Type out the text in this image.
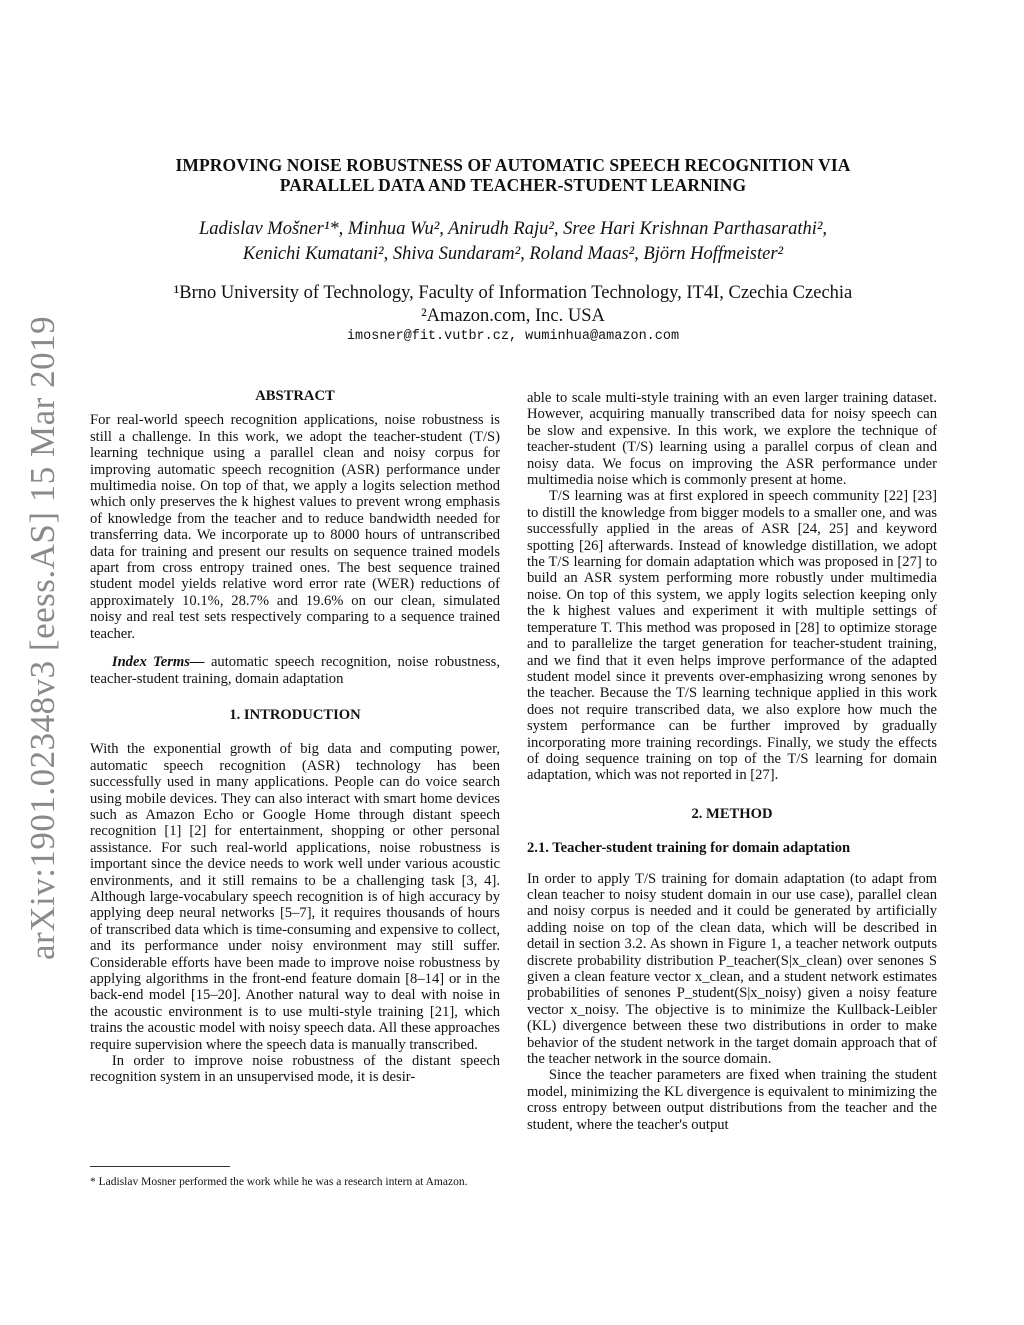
arXiv:1901.02348v3 [eess.AS] 15 Mar 2019
IMPROVING NOISE ROBUSTNESS OF AUTOMATIC SPEECH RECOGNITION VIA
PARALLEL DATA AND TEACHER-STUDENT LEARNING
Ladislav Mošner¹*, Minhua Wu², Anirudh Raju², Sree Hari Krishnan Parthasarathi²,
Kenichi Kumatani², Shiva Sundaram², Roland Maas², Björn Hoffmeister²
¹Brno University of Technology, Faculty of Information Technology, IT4I, Czechia Czechia
²Amazon.com, Inc. USA
imosner@fit.vutbr.cz, wuminhua@amazon.com

ABSTRACT

For real-world speech recognition applications, noise robustness is still a challenge. In this work, we adopt the teacher-student (T/S) learning technique using a parallel clean and noisy corpus for improving automatic speech recognition (ASR) performance under multimedia noise. On top of that, we apply a logits selection method which only preserves the k highest values to prevent wrong emphasis of knowledge from the teacher and to reduce bandwidth needed for transferring data. We incorporate up to 8000 hours of untranscribed data for training and present our results on sequence trained models apart from cross entropy trained ones. The best sequence trained student model yields relative word error rate (WER) reductions of approximately 10.1%, 28.7% and 19.6% on our clean, simulated noisy and real test sets respectively comparing to a sequence trained teacher.

Index Terms— automatic speech recognition, noise robustness, teacher-student training, domain adaptation

1. INTRODUCTION

With the exponential growth of big data and computing power, automatic speech recognition (ASR) technology has been successfully used in many applications. People can do voice search using mobile devices. They can also interact with smart home devices such as Amazon Echo or Google Home through distant speech recognition [1] [2] for entertainment, shopping or other personal assistance. For such real-world applications, noise robustness is important since the device needs to work well under various acoustic environments, and it still remains to be a challenging task [3, 4]. Although large-vocabulary speech recognition is of high accuracy by applying deep neural networks [5–7], it requires thousands of hours of transcribed data which is time-consuming and expensive to collect, and its performance under noisy environment may still suffer. Considerable efforts have been made to improve noise robustness by applying algorithms in the front-end feature domain [8–14] or in the back-end model [15–20]. Another natural way to deal with noise in the acoustic environment is to use multi-style training [21], which trains the acoustic model with noisy speech data. All these approaches require supervision where the speech data is manually transcribed.

In order to improve noise robustness of the distant speech recognition system in an unsupervised mode, it is desir-

* Ladislav Mosner performed the work while he was a research intern at Amazon.

able to scale multi-style training with an even larger training dataset. However, acquiring manually transcribed data for noisy speech can be slow and expensive. In this work, we explore the technique of teacher-student (T/S) learning using a parallel corpus of clean and noisy data. We focus on improving the ASR performance under multimedia noise which is commonly present at home.

T/S learning was at first explored in speech community [22] [23] to distill the knowledge from bigger models to a smaller one, and was successfully applied in the areas of ASR [24, 25] and keyword spotting [26] afterwards. Instead of knowledge distillation, we adopt the T/S learning for domain adaptation which was proposed in [27] to build an ASR system performing more robustly under multimedia noise. On top of this system, we apply logits selection keeping only the k highest values and experiment it with multiple settings of temperature T. This method was proposed in [28] to optimize storage and to parallelize the target generation for teacher-student training, and we find that it even helps improve performance of the adapted student model since it prevents over-emphasizing wrong senones by the teacher. Because the T/S learning technique applied in this work does not require transcribed data, we also explore how much the system performance can be further improved by gradually incorporating more training recordings. Finally, we study the effects of doing sequence training on top of the T/S learning for domain adaptation, which was not reported in [27].

2. METHOD

2.1. Teacher-student training for domain adaptation

In order to apply T/S training for domain adaptation (to adapt from clean teacher to noisy student domain in our use case), parallel clean and noisy corpus is needed and it could be generated by artificially adding noise on top of the clean data, which will be described in detail in section 3.2. As shown in Figure 1, a teacher network outputs discrete probability distribution P_teacher(S|x_clean) over senones S given a clean feature vector x_clean, and a student network estimates probabilities of senones P_student(S|x_noisy) given a noisy feature vector x_noisy. The objective is to minimize the Kullback-Leibler (KL) divergence between these two distributions in order to make behavior of the student network in the target domain approach that of the teacher network in the source domain.

Since the teacher parameters are fixed when training the student model, minimizing the KL divergence is equivalent to minimizing the cross entropy between output distributions from the teacher and the student, where the teacher's output
